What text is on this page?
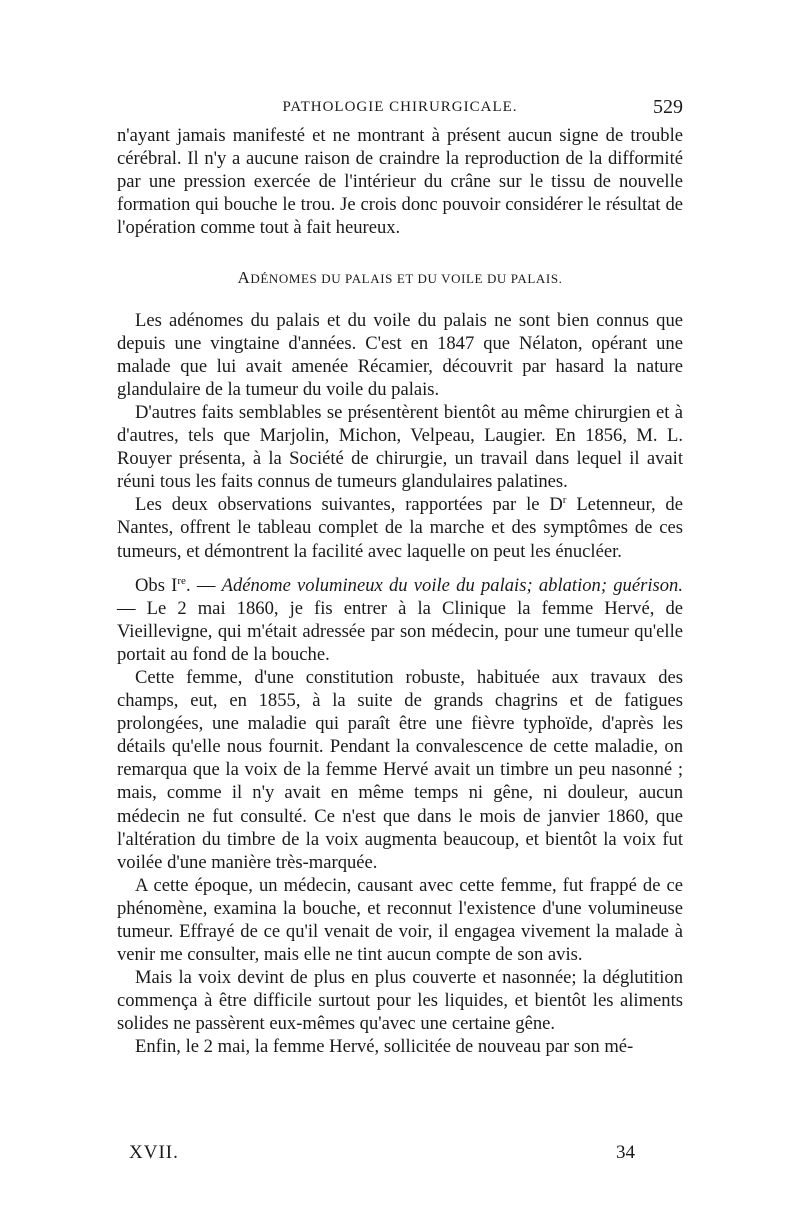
PATHOLOGIE CHIRURGICALE.	529

n'ayant jamais manifesté et ne montrant à présent aucun signe de trouble cérébral. Il n'y a aucune raison de craindre la reproduction de la difformité par une pression exercée de l'intérieur du crâne sur le tissu de nouvelle formation qui bouche le trou. Je crois donc pouvoir considérer le résultat de l'opération comme tout à fait heureux.

ADÉNOMES DU PALAIS ET DU VOILE DU PALAIS.

Les adénomes du palais et du voile du palais ne sont bien connus que depuis une vingtaine d'années. C'est en 1847 que Nélaton, opérant une malade que lui avait amenée Récamier, découvrit par hasard la nature glandulaire de la tumeur du voile du palais.

D'autres faits semblables se présentèrent bientôt au même chirurgien et à d'autres, tels que Marjolin, Michon, Velpeau, Laugier. En 1856, M. L. Rouyer présenta, à la Société de chirurgie, un travail dans lequel il avait réuni tous les faits connus de tumeurs glandulaires palatines.

Les deux observations suivantes, rapportées par le $D^r$ Letenneur, de Nantes, offrent le tableau complet de la marche et des symptômes de ces tumeurs, et démontrent la facilité avec laquelle on peut les énucléer.

Obs Ire. — Adénome volumineux du voile du palais; ablation; guérison. — Le 2 mai 1860, je fis entrer à la Clinique la femme Hervé, de Vieillevigne, qui m'était adressée par son médecin, pour une tumeur qu'elle portait au fond de la bouche.

Cette femme, d'une constitution robuste, habituée aux travaux des champs, eut, en 1855, à la suite de grands chagrins et de fatigues prolongées, une maladie qui paraît être une fièvre typhoïde, d'après les détails qu'elle nous fournit. Pendant la convalescence de cette maladie, on remarqua que la voix de la femme Hervé avait un timbre un peu nasonné ; mais, comme il n'y avait en même temps ni gêne, ni douleur, aucun médecin ne fut consulté. Ce n'est que dans le mois de janvier 1860, que l'altération du timbre de la voix augmenta beaucoup, et bientôt la voix fut voilée d'une manière très-marquée.

A cette époque, un médecin, causant avec cette femme, fut frappé de ce phénomène, examina la bouche, et reconnut l'existence d'une volumineuse tumeur. Effrayé de ce qu'il venait de voir, il engagea vivement la malade à venir me consulter, mais elle ne tint aucun compte de son avis.

Mais la voix devint de plus en plus couverte et nasonnée; la déglutition commença à être difficile surtout pour les liquides, et bientôt les aliments solides ne passèrent eux-mêmes qu'avec une certaine gêne.

Enfin, le 2 mai, la femme Hervé, sollicitée de nouveau par son mé-

XVII.	34
